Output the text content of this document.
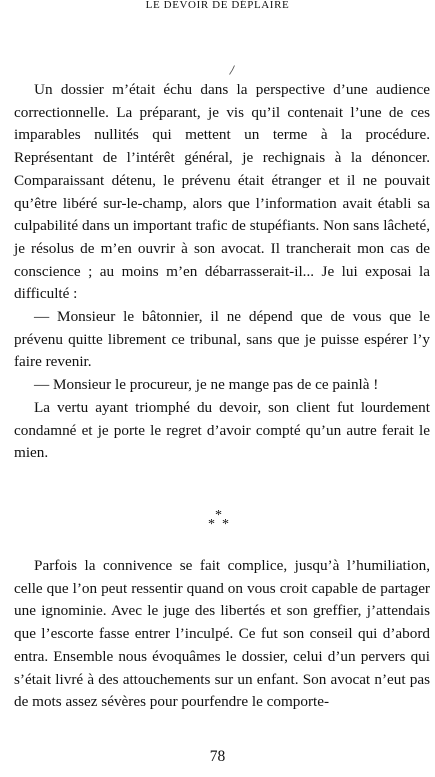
LE DEVOIR DE DÉPLAIRE

Un dossier m’était échu dans la perspective d’une audience correctionnelle. La préparant, je vis qu’il contenait l’une de ces imparables nullités qui mettent un terme à la procédure. Représentant de l’intérêt général, je rechignais à la dénoncer. Comparaissant détenu, le prévenu était étranger et il ne pouvait qu’être libéré sur-le-champ, alors que l’information avait établi sa culpabilité dans un important trafic de stupéfiants. Non sans lâcheté, je résolus de m’en ouvrir à son avocat. Il trancherait mon cas de conscience ; au moins m’en débarrasserait-il... Je lui exposai la difficulté :

— Monsieur le bâtonnier, il ne dépend que de vous que le prévenu quitte librement ce tribunal, sans que je puisse espérer l’y faire revenir.

— Monsieur le procureur, je ne mange pas de ce painlà !

La vertu ayant triomphé du devoir, son client fut lourdement condamné et je porte le regret d’avoir compté qu’un autre ferait le mien.

*
* *

Parfois la connivence se fait complice, jusqu’à l’humiliation, celle que l’on peut ressentir quand on vous croit capable de partager une ignominie. Avec le juge des libertés et son greffier, j’attendais que l’escorte fasse entrer l’inculpé. Ce fut son conseil qui d’abord entra. Ensemble nous évoquâmes le dossier, celui d’un pervers qui s’était livré à des attouchements sur un enfant. Son avocat n’eut pas de mots assez sévères pour pourfendre le comporte-

78
